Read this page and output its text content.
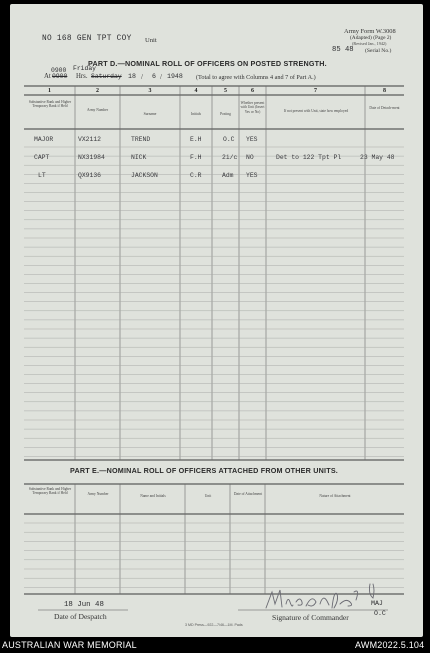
NO 168 GEN TPT COY Unit
Army Form W.3008
(Adapted) (Page 2)
(Revised Jan., 1942)
85 48 (Serial No.)
PART D.—NOMINAL ROLL OF OFFICERS ON POSTED STRENGTH.
0900 Friday
At 0900 Hrs. Saturday 18 / 6 / 1948 (Total to agree with Columns 4 and 7 of Part A.)
1	2	3	4	5	6	7	8
Substantive Rank and Higher Temporary Rank if Held
Army Number
Surname	Initials	Posting
Whether present with Unit (Insert Yes or No)	If not present with Unit, state how employed
Date of Detach-ment
MAJOR	VX2112	TREND	E.H	O.C YES
CAPT	NX31984	NICK	F.H	2i/c NO	Det to 122 Tpt Pl	23 May 48
LT	QX9136	JACKSON	C.R	Adm YES
PART E.—NOMINAL ROLL OF OFFICERS ATTACHED FROM OTHER UNITS.
Substantive Rank and Higher Temporary Rank if Held	Army Number	Name and Initials	Unit	Date of Attachment	Nature of Attachment
18 Jun 48
Date of Despatch
MAJ
O.C
Signature of Commander
3 MD Press—922—7/46—1M. Pads
AUSTRALIAN WAR MEMORIAL	AWM2022.5.104
